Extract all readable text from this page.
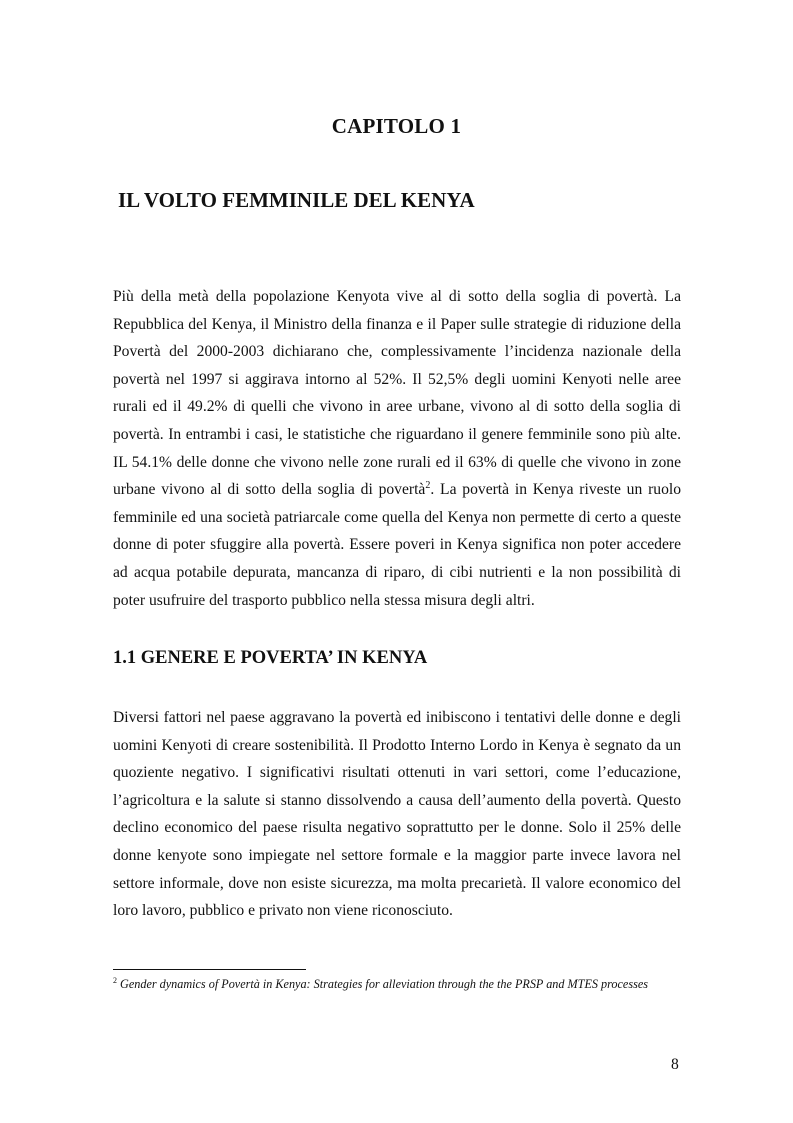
CAPITOLO 1
IL VOLTO FEMMINILE DEL KENYA

Più della metà della popolazione Kenyota vive al di sotto della soglia di povertà. La Repubblica del Kenya, il Ministro della finanza e il Paper sulle strategie di riduzione della Povertà del 2000-2003 dichiarano che, complessivamente l’incidenza nazionale della povertà nel 1997 si aggirava intorno al 52%. Il 52,5% degli uomini Kenyoti nelle aree rurali ed il 49.2% di quelli che vivono in aree urbane, vivono al di sotto della soglia di povertà. In entrambi i casi, le statistiche che riguardano il genere femminile sono più alte. IL 54.1% delle donne che vivono nelle zone rurali ed il 63% di quelle che vivono in zone urbane vivono al di sotto della soglia di povertà$^2$. La povertà in Kenya riveste un ruolo femminile ed una società patriarcale come quella del Kenya non permette di certo a queste donne di poter sfuggire alla povertà. Essere poveri in Kenya significa non poter accedere ad acqua potabile depurata, mancanza di riparo, di cibi nutrienti e la non possibilità di poter usufruire del trasporto pubblico nella stessa misura degli altri.

1.1 GENERE E POVERTA’ IN KENYA

Diversi fattori nel paese aggravano la povertà ed inibiscono i tentativi delle donne e degli uomini Kenyoti di creare sostenibilità. Il Prodotto Interno Lordo in Kenya è segnato da un quoziente negativo. I significativi risultati ottenuti in vari settori, come l’educazione, l’agricoltura e la salute si stanno dissolvendo a causa dell’aumento della povertà. Questo declino economico del paese risulta negativo soprattutto per le donne. Solo il 25% delle donne kenyote sono impiegate nel settore formale e la maggior parte invece lavora nel settore informale, dove non esiste sicurezza, ma molta precarietà. Il valore economico del loro lavoro, pubblico e privato non viene riconosciuto.

$^2$ Gender dynamics of Povertà in Kenya: Strategies for alleviation through the the PRSP and MTES processes

8
